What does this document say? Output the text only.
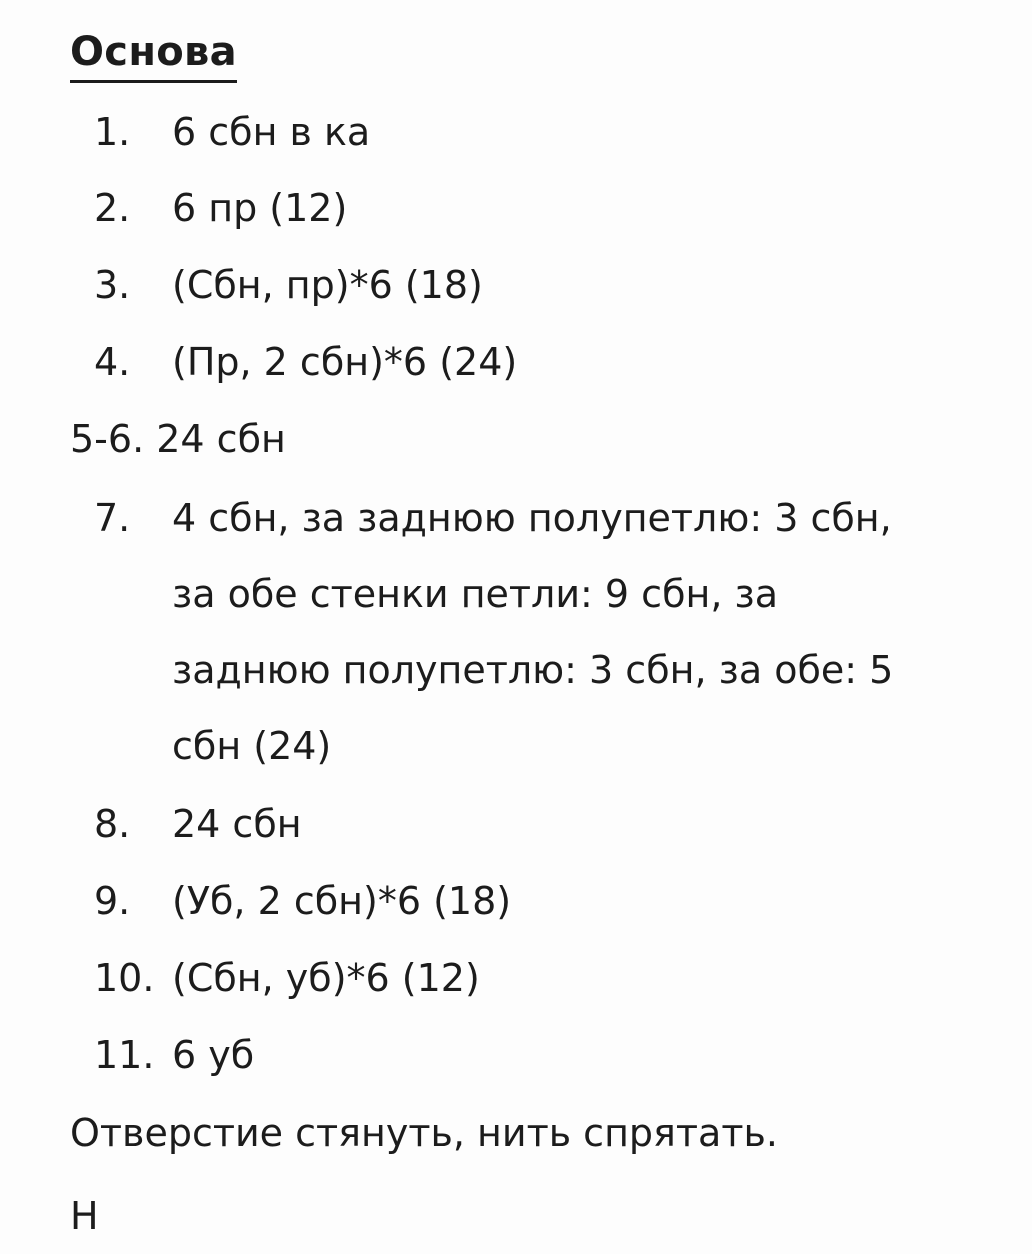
Основа
1. 6 сбн в ка
2. 6 пр (12)
3. (Сбн, пр)*6 (18)
4. (Пр, 2 сбн)*6 (24)
5-6. 24 сбн
7. 4 сбн, за заднюю полупетлю: 3 сбн,
за обе стенки петли: 9 сбн, за
заднюю полупетлю: 3 сбн, за обе: 5
сбн (24)
8. 24 сбн
9. (Уб, 2 сбн)*6 (18)
10. (Сбн, уб)*6 (12)
11. 6 уб
Отверстие стянуть, нить спрятать.
Н
